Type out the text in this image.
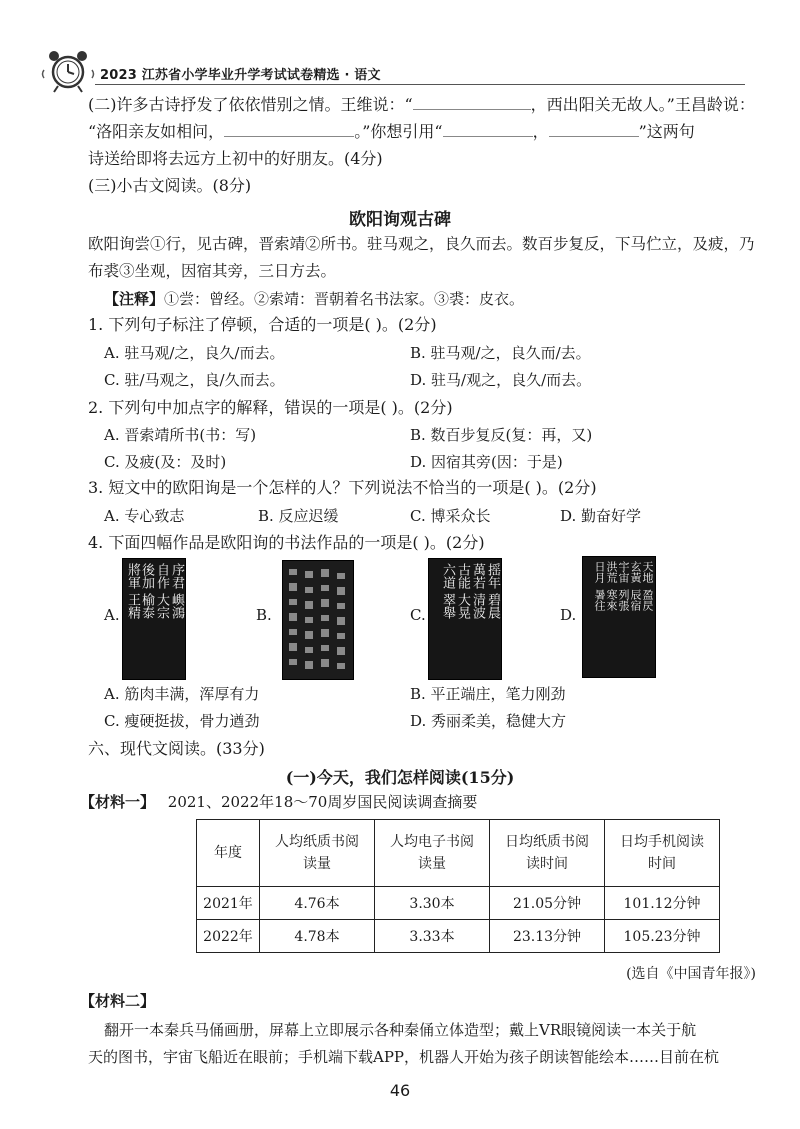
2023 江苏省小学毕业升学考试试卷精选 · 语文
(二)许多古诗抒发了依依惜别之情。王维说：“	，西出阳关无故人。”王昌龄说：
“洛阳亲友如相问，	。”你想引用“	，	”这两句
诗送给即将去远方上初中的好朋友。(4分)
(三)小古文阅读。(8分)
欧阳询观古碑
欧阳询尝①行，见古碑，晋索靖②所书。驻马观之，良久而去。数百步复反，下马伫立，及疲，乃
布裘③坐观，因宿其旁，三日方去。
【注释】①尝：曾经。②索靖：晋朝着名书法家。③裘：皮衣。
1. 下列句子标注了停顿，合适的一项是( )。(2分)
A. 驻马观/之，良久/而去。	B. 驻马观/之，良久而/去。
C. 驻/马观之，良/久而去。	D. 驻马/观之，良久/而去。
2. 下列句中加点字的解释，错误的一项是( )。(2分)
A. 晋索靖所书(书：写)	B. 数百步复反(复：再，又)
C. 及疲(及：及时)	D. 因宿其旁(因：于是)
3. 短文中的欧阳询是一个怎样的人？下列说法不恰当的一项是( )。(2分)
A. 专心致志	B. 反应迟缓	C. 博采众长	D. 勤奋好学
4. 下面四幅作品是欧阳询的书法作品的一项是( )。(2分)
A.
序君
自作
後加
將軍
嶼鴻
大宗
榆泰
王精	B.	C.
摇年
萬若
古能
六道
碧晨
清波
大晃
翠舉	D.
天地
玄黃
宇宙
洪荒
日月
盈昃
辰宿
列張
寒來
暑往
A. 筋肉丰满，浑厚有力	B. 平正端庄，笔力刚劲
C. 瘦硬挺拔，骨力遒劲	D. 秀丽柔美，稳健大方
六、现代文阅读。(33分)
(一)今天，我们怎样阅读(15分)
【材料一】 2021、2022年18～70周岁国民阅读调查摘要
年度	人均纸质书阅读量	人均电子书阅读量	日均纸质书阅读时间	日均手机阅读时间
2021年	4.76本	3.30本	21.05分钟	101.12分钟
2022年	4.78本	3.33本	23.13分钟	105.23分钟
(选自《中国青年报》)
【材料二】
翻开一本秦兵马俑画册，屏幕上立即展示各种秦俑立体造型；戴上VR眼镜阅读一本关于航
天的图书，宇宙飞船近在眼前；手机端下载APP，机器人开始为孩子朗读智能绘本……目前在杭
46
